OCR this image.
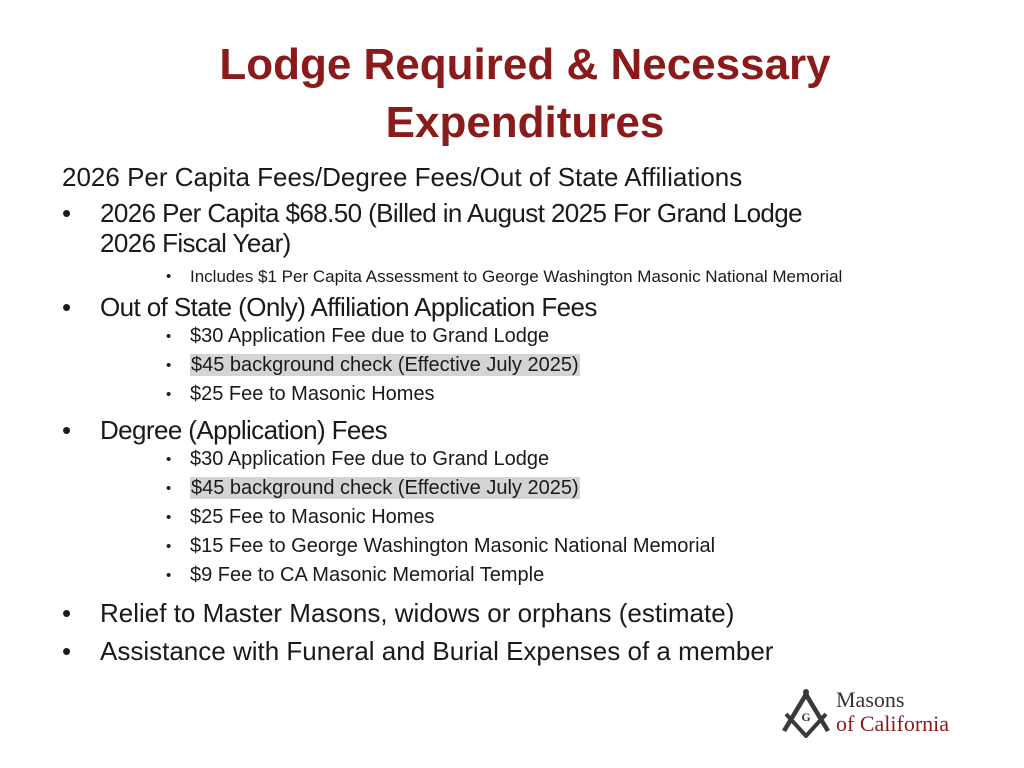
Lodge Required & Necessary
Expenditures
2026 Per Capita Fees/Degree Fees/Out of State Affiliations
• 2026 Per Capita $68.50 (Billed in August 2025 For Grand Lodge
2026 Fiscal Year)
• Includes $1 Per Capita Assessment to George Washington Masonic National Memorial
• Out of State (Only) Affiliation Application Fees
• $30 Application Fee due to Grand Lodge
• $45 background check (Effective July 2025)
• $25 Fee to Masonic Homes
• Degree (Application) Fees
• $30 Application Fee due to Grand Lodge
• $45 background check (Effective July 2025)
• $25 Fee to Masonic Homes
• $15 Fee to George Washington Masonic National Memorial
• $9 Fee to CA Masonic Memorial Temple
• Relief to Master Masons, widows or orphans (estimate)
• Assistance with Funeral and Burial Expenses of a member
G
Masons
of California
